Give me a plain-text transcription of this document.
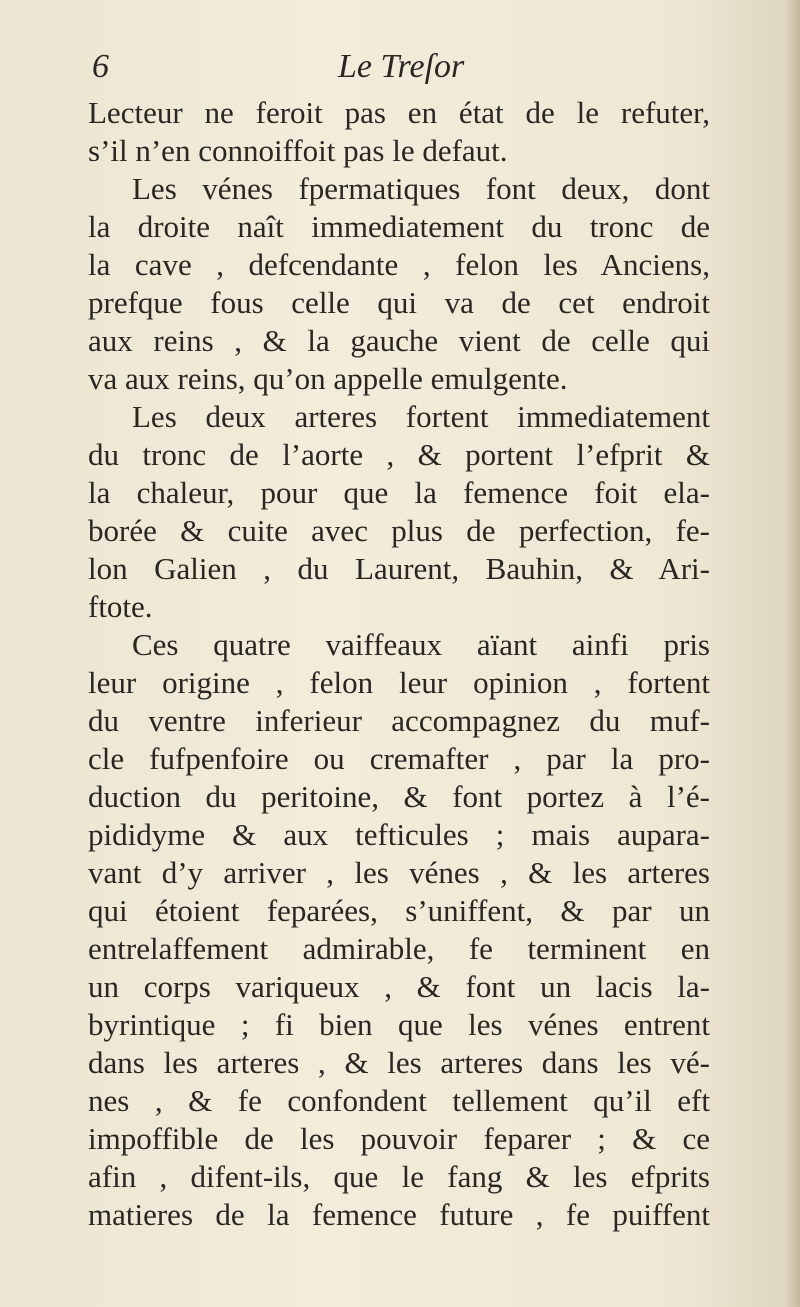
6	Le Treſor
Lecteur ne feroit pas en état de le refuter,
s’il n’en connoiffoit pas le defaut.
Les vénes fpermatiques font deux, dont
la droite naît immediatement du tronc de
la cave , defcendante , felon les Anciens,
prefque fous celle qui va de cet endroit
aux reins , & la gauche vient de celle qui
va aux reins, qu’on appelle emulgente.
Les deux arteres fortent immediatement
du tronc de l’aorte , & portent l’efprit &
la chaleur, pour que la femence foit ela-
borée & cuite avec plus de perfection, fe-
lon Galien , du Laurent, Bauhin, & Ari-
ftote.
Ces quatre vaiffeaux aïant ainfi pris
leur origine , felon leur opinion , fortent
du ventre inferieur accompagnez du muf-
cle fufpenfoire ou cremafter , par la pro-
duction du peritoine, & font portez à l’é-
pididyme & aux tefticules ; mais aupara-
vant d’y arriver , les vénes , & les arteres
qui étoient feparées, s’uniffent, & par un
entrelaffement admirable, fe terminent en
un corps variqueux , & font un lacis la-
byrintique ; fi bien que les vénes entrent
dans les arteres , & les arteres dans les vé-
nes , & fe confondent tellement qu’il eft
impoffible de les pouvoir feparer ; & ce
afin , difent-ils, que le fang & les efprits
matieres de la femence future , fe puiffent
